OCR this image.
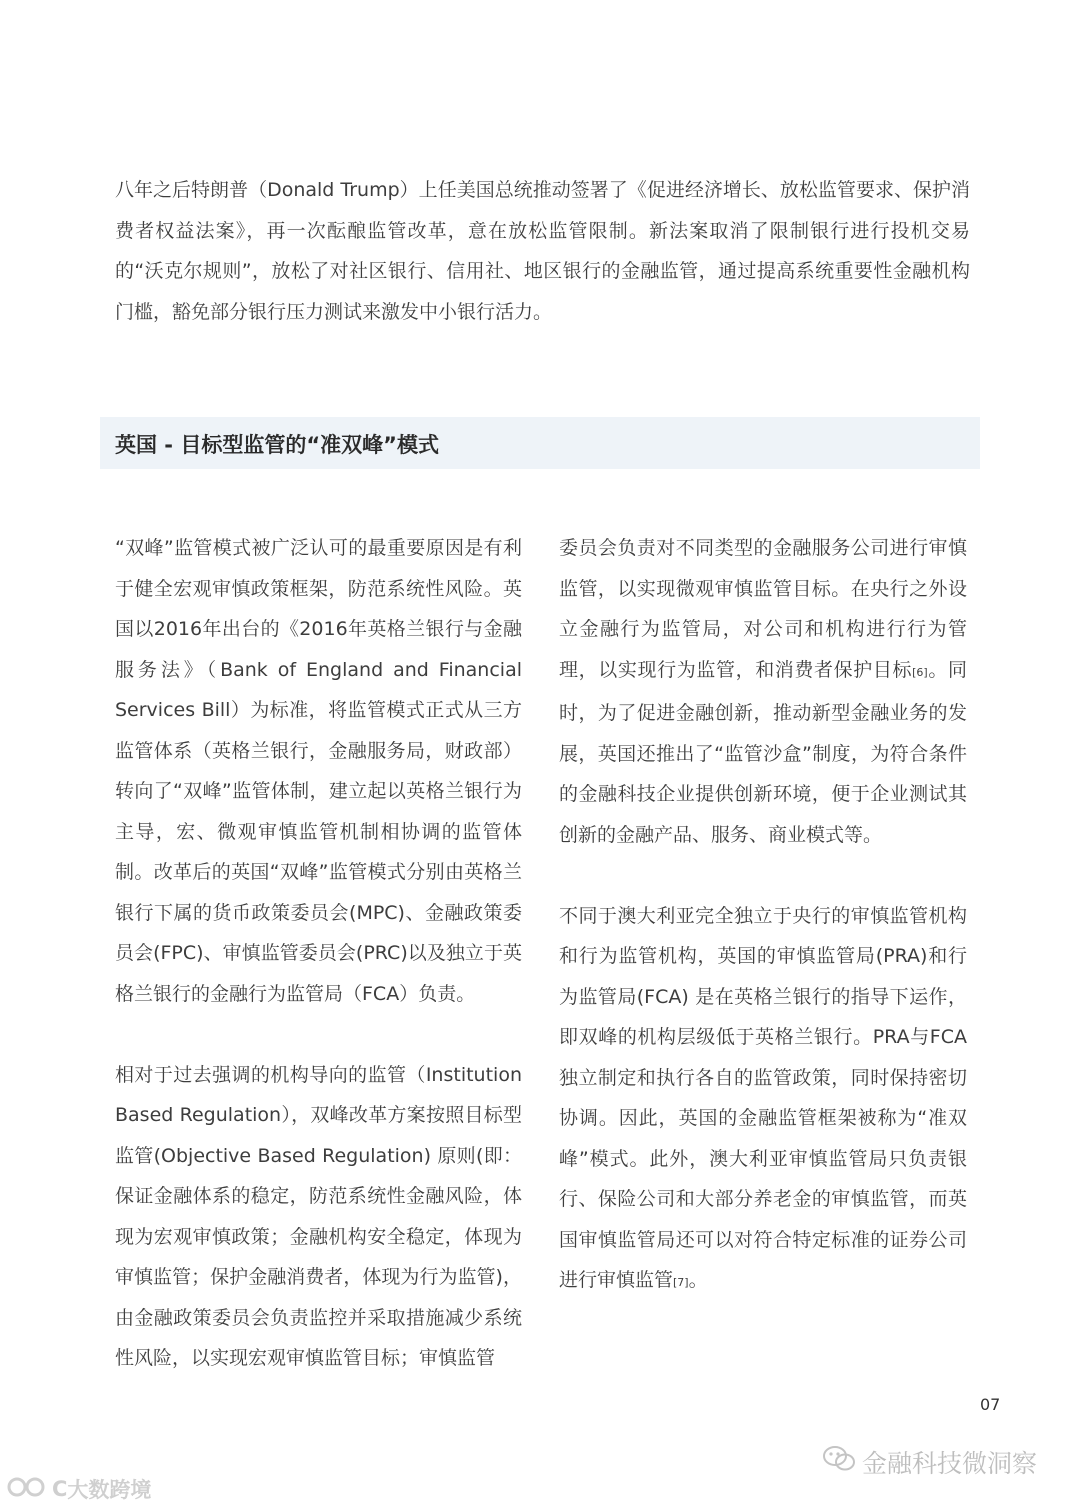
八年之后特朗普（Donald Trump）上任美国总统推动签署了《促进经济增长、放松监管要求、保护消费者权益法案》，再一次酝酿监管改革，意在放松监管限制。新法案取消了限制银行进行投机交易的“沃克尔规则”，放松了对社区银行、信用社、地区银行的金融监管，通过提高系统重要性金融机构门槛，豁免部分银行压力测试来激发中小银行活力。

英国 - 目标型监管的“准双峰”模式

“双峰”监管模式被广泛认可的最重要原因是有利于健全宏观审慎政策框架，防范系统性风险。英国以2016年出台的《2016年英格兰银行与金融服务法》（Bank of England and Financial Services Bill）为标准，将监管模式正式从三方监管体系（英格兰银行，金融服务局，财政部）转向了“双峰”监管体制，建立起以英格兰银行为主导，宏、微观审慎监管机制相协调的监管体制。改革后的英国“双峰”监管模式分别由英格兰银行下属的货币政策委员会(MPC)、金融政策委员会(FPC)、审慎监管委员会(PRC)以及独立于英格兰银行的金融行为监管局（FCA）负责。

相对于过去强调的机构导向的监管（Institution Based Regulation），双峰改革方案按照目标型监管(Objective Based Regulation) 原则(即：保证金融体系的稳定，防范系统性金融风险，体现为宏观审慎政策；金融机构安全稳定，体现为审慎监管；保护金融消费者，体现为行为监管)，由金融政策委员会负责监控并采取措施减少系统性风险，以实现宏观审慎监管目标；审慎监管

委员会负责对不同类型的金融服务公司进行审慎监管，以实现微观审慎监管目标。在央行之外设立金融行为监管局，对公司和机构进行行为管理，以实现行为监管，和消费者保护目标[6]。同时，为了促进金融创新，推动新型金融业务的发展，英国还推出了“监管沙盒”制度，为符合条件的金融科技企业提供创新环境，便于企业测试其创新的金融产品、服务、商业模式等。

不同于澳大利亚完全独立于央行的审慎监管机构和行为监管机构，英国的审慎监管局(PRA)和行为监管局(FCA) 是在英格兰银行的指导下运作，即双峰的机构层级低于英格兰银行。PRA与FCA独立制定和执行各自的监管政策，同时保持密切协调。因此，英国的金融监管框架被称为“准双峰”模式。此外，澳大利亚审慎监管局只负责银行、保险公司和大部分养老金的审慎监管，而英国审慎监管局还可以对符合特定标准的证券公司进行审慎监管[7]。

07
金融科技微洞察
C 大数跨境
